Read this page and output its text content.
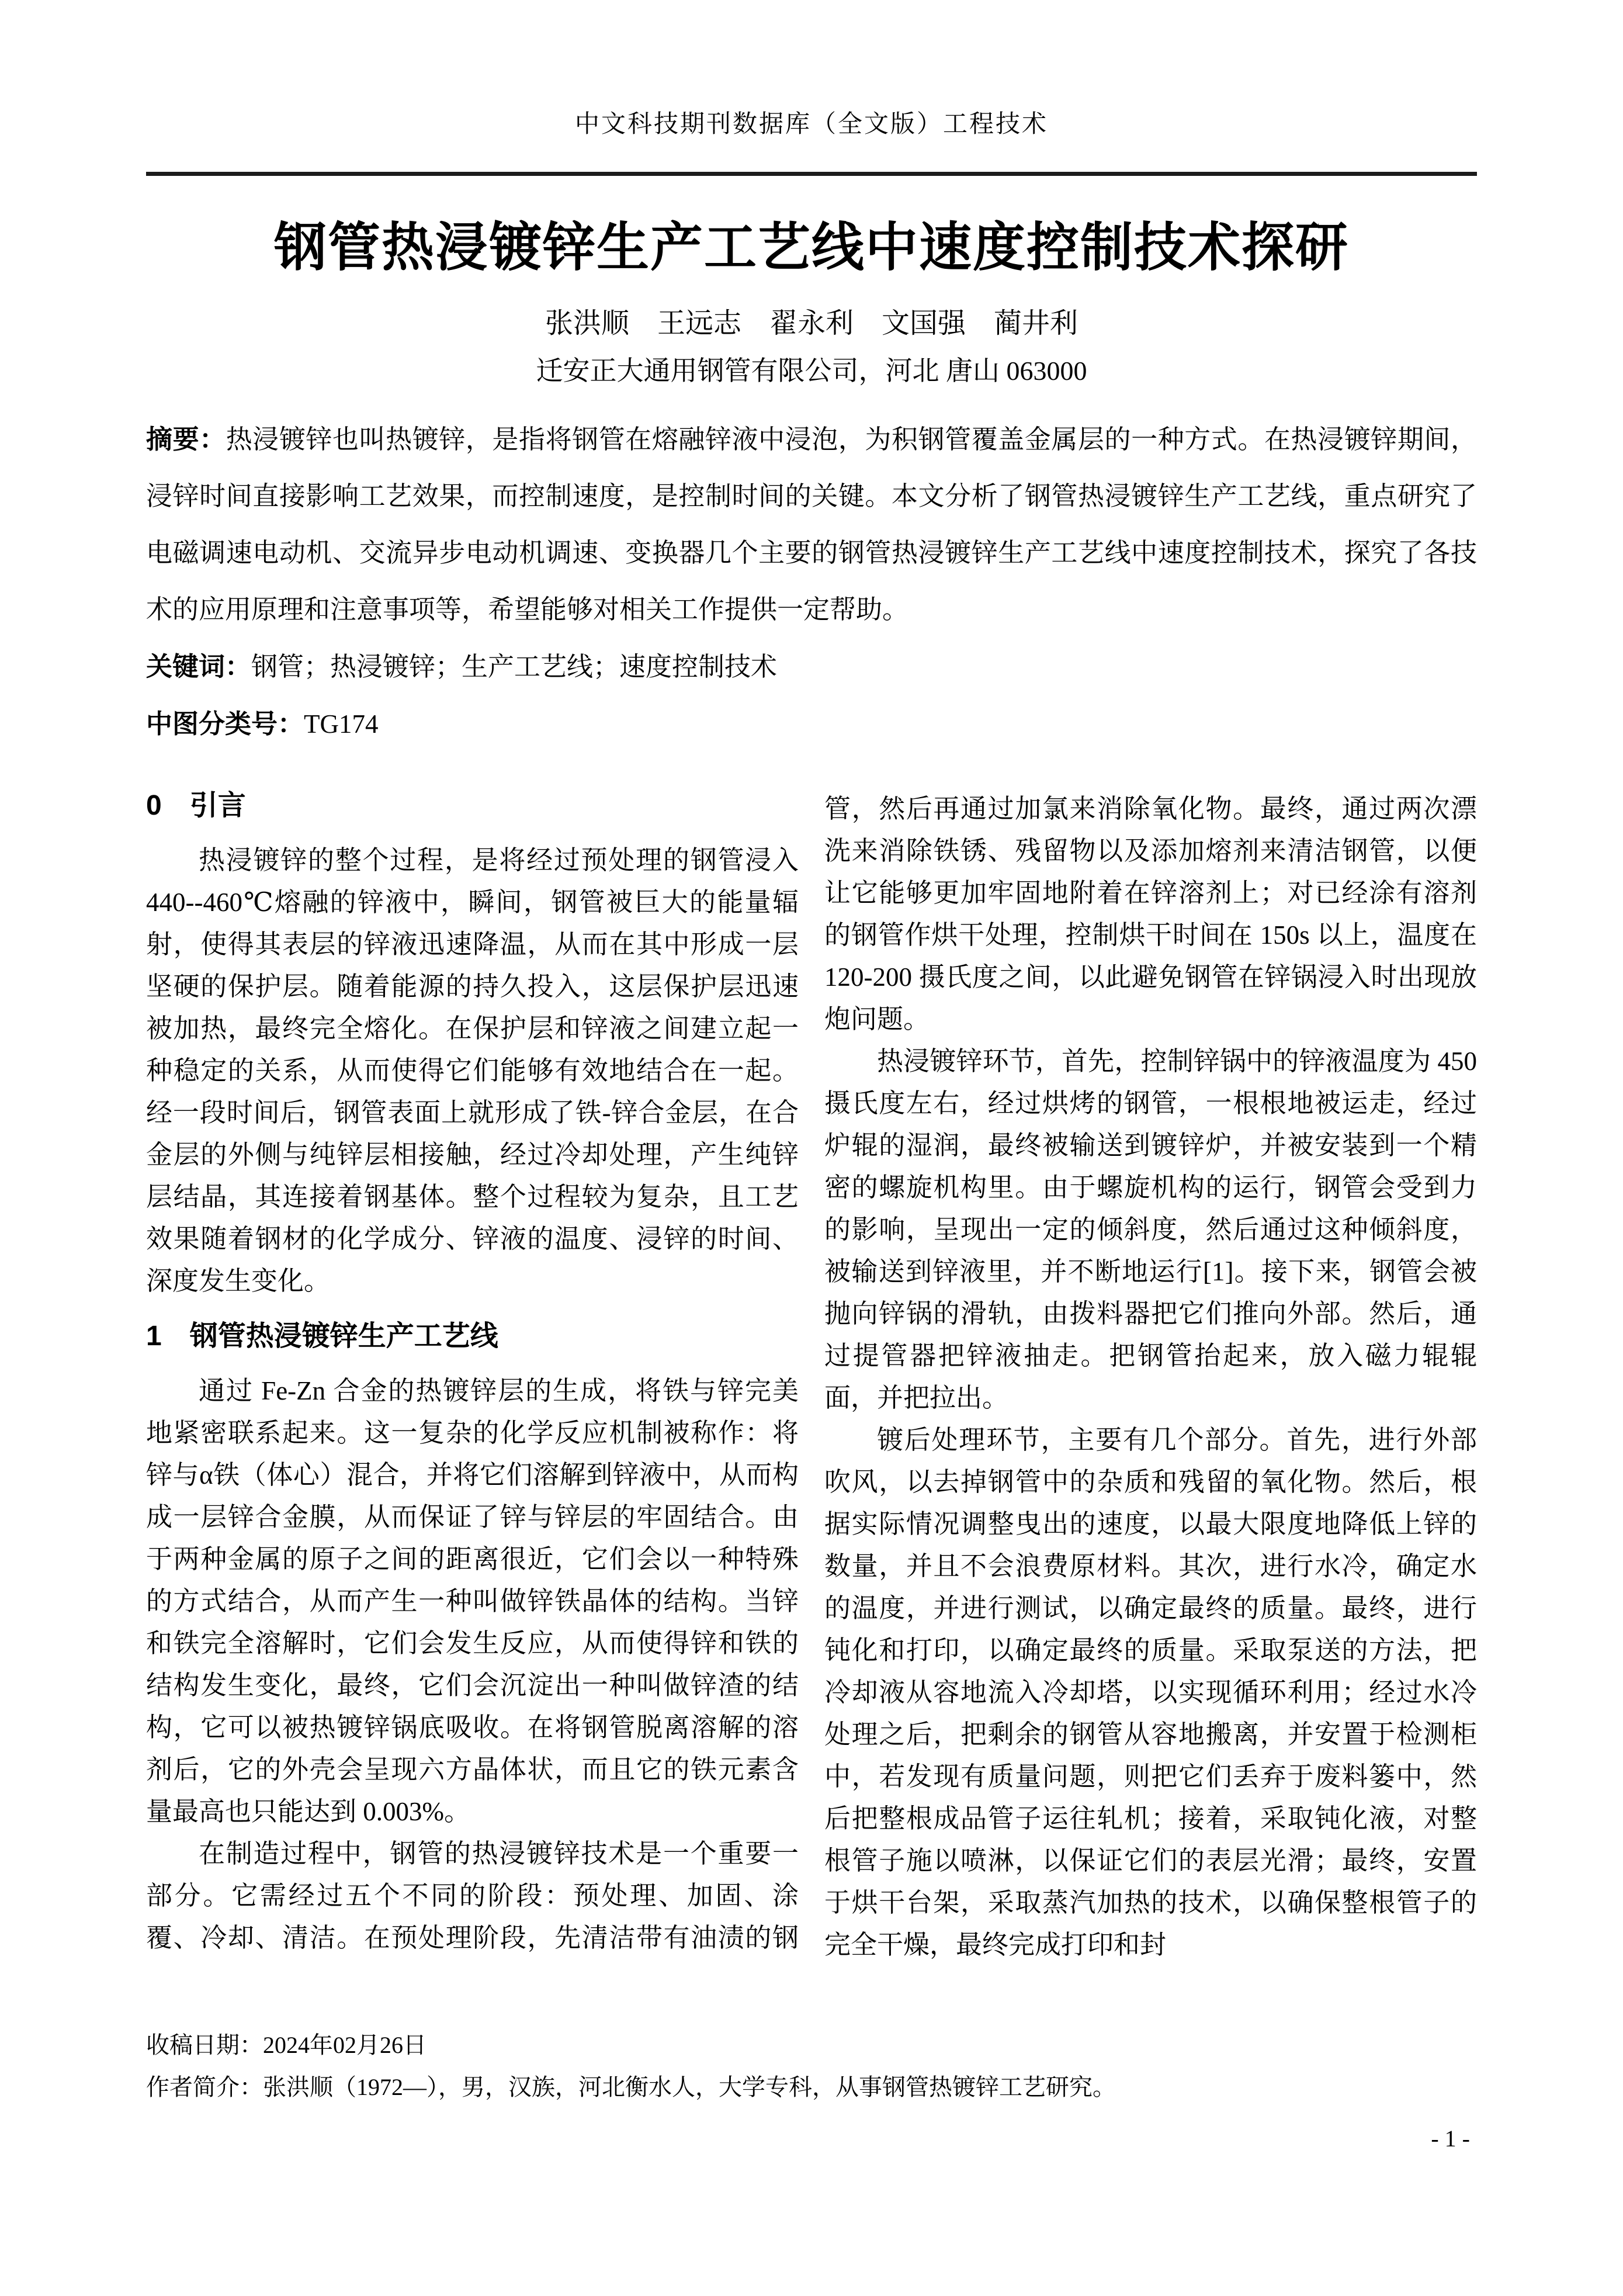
中文科技期刊数据库（全文版）工程技术
钢管热浸镀锌生产工艺线中速度控制技术探研
张洪顺　王远志　翟永利　文国强　蔺井利
迁安正大通用钢管有限公司，河北 唐山 063000

摘要：热浸镀锌也叫热镀锌，是指将钢管在熔融锌液中浸泡，为积钢管覆盖金属层的一种方式。在热浸镀锌期间，浸锌时间直接影响工艺效果，而控制速度，是控制时间的关键。本文分析了钢管热浸镀锌生产工艺线，重点研究了电磁调速电动机、交流异步电动机调速、变换器几个主要的钢管热浸镀锌生产工艺线中速度控制技术，探究了各技术的应用原理和注意事项等，希望能够对相关工作提供一定帮助。

关键词：钢管；热浸镀锌；生产工艺线；速度控制技术

中图分类号：TG174

0　引言

热浸镀锌的整个过程，是将经过预处理的钢管浸入 440--460℃熔融的锌液中，瞬间，钢管被巨大的能量辐射，使得其表层的锌液迅速降温，从而在其中形成一层坚硬的保护层。随着能源的持久投入，这层保护层迅速被加热，最终完全熔化。在保护层和锌液之间建立起一种稳定的关系，从而使得它们能够有效地结合在一起。经一段时间后，钢管表面上就形成了铁-锌合金层，在合金层的外侧与纯锌层相接触，经过冷却处理，产生纯锌层结晶，其连接着钢基体。整个过程较为复杂，且工艺效果随着钢材的化学成分、锌液的温度、浸锌的时间、深度发生变化。

1　钢管热浸镀锌生产工艺线

通过 Fe-Zn 合金的热镀锌层的生成，将铁与锌完美地紧密联系起来。这一复杂的化学反应机制被称作：将锌与α铁（体心）混合，并将它们溶解到锌液中，从而构成一层锌合金膜，从而保证了锌与锌层的牢固结合。由于两种金属的原子之间的距离很近，它们会以一种特殊的方式结合，从而产生一种叫做锌铁晶体的结构。当锌和铁完全溶解时，它们会发生反应，从而使得锌和铁的结构发生变化，最终，它们会沉淀出一种叫做锌渣的结构，它可以被热镀锌锅底吸收。在将钢管脱离溶解的溶剂后，它的外壳会呈现六方晶体状，而且它的铁元素含量最高也只能达到 0.003%。

在制造过程中，钢管的热浸镀锌技术是一个重要一部分。它需经过五个不同的阶段：预处理、加固、涂覆、冷却、清洁。在预处理阶段，先清洁带有油渍的钢管，然后再通过加氯来消除氧化物。最终，通过两次漂洗来消除铁锈、残留物以及添加熔剂来清洁钢管，以便让它能够更加牢固地附着在锌溶剂上；对已经涂有溶剂的钢管作烘干处理，控制烘干时间在 150s 以上，温度在 120-200 摄氏度之间，以此避免钢管在锌锅浸入时出现放炮问题。

热浸镀锌环节，首先，控制锌锅中的锌液温度为 450 摄氏度左右，经过烘烤的钢管，一根根地被运走，经过炉辊的湿润，最终被输送到镀锌炉，并被安装到一个精密的螺旋机构里。由于螺旋机构的运行，钢管会受到力的影响，呈现出一定的倾斜度，然后通过这种倾斜度，被输送到锌液里，并不断地运行[1]。接下来，钢管会被抛向锌锅的滑轨，由拨料器把它们推向外部。然后，通过提管器把锌液抽走。把钢管抬起来，放入磁力辊辊面，并把拉出。

镀后处理环节，主要有几个部分。首先，进行外部吹风，以去掉钢管中的杂质和残留的氧化物。然后，根据实际情况调整曳出的速度，以最大限度地降低上锌的数量，并且不会浪费原材料。其次，进行水冷，确定水的温度，并进行测试，以确定最终的质量。最终，进行钝化和打印，以确定最终的质量。采取泵送的方法，把冷却液从容地流入冷却塔，以实现循环利用；经过水冷处理之后，把剩余的钢管从容地搬离，并安置于检测柜中，若发现有质量问题，则把它们丢弃于废料篓中，然后把整根成品管子运往轧机；接着，采取钝化液，对整根管子施以喷淋，以保证它们的表层光滑；最终，安置于烘干台架，采取蒸汽加热的技术，以确保整根管子的完全干燥，最终完成打印和封

收稿日期：2024年02月26日

作者简介：张洪顺（1972—），男，汉族，河北衡水人，大学专科，从事钢管热镀锌工艺研究。

- 1 -
